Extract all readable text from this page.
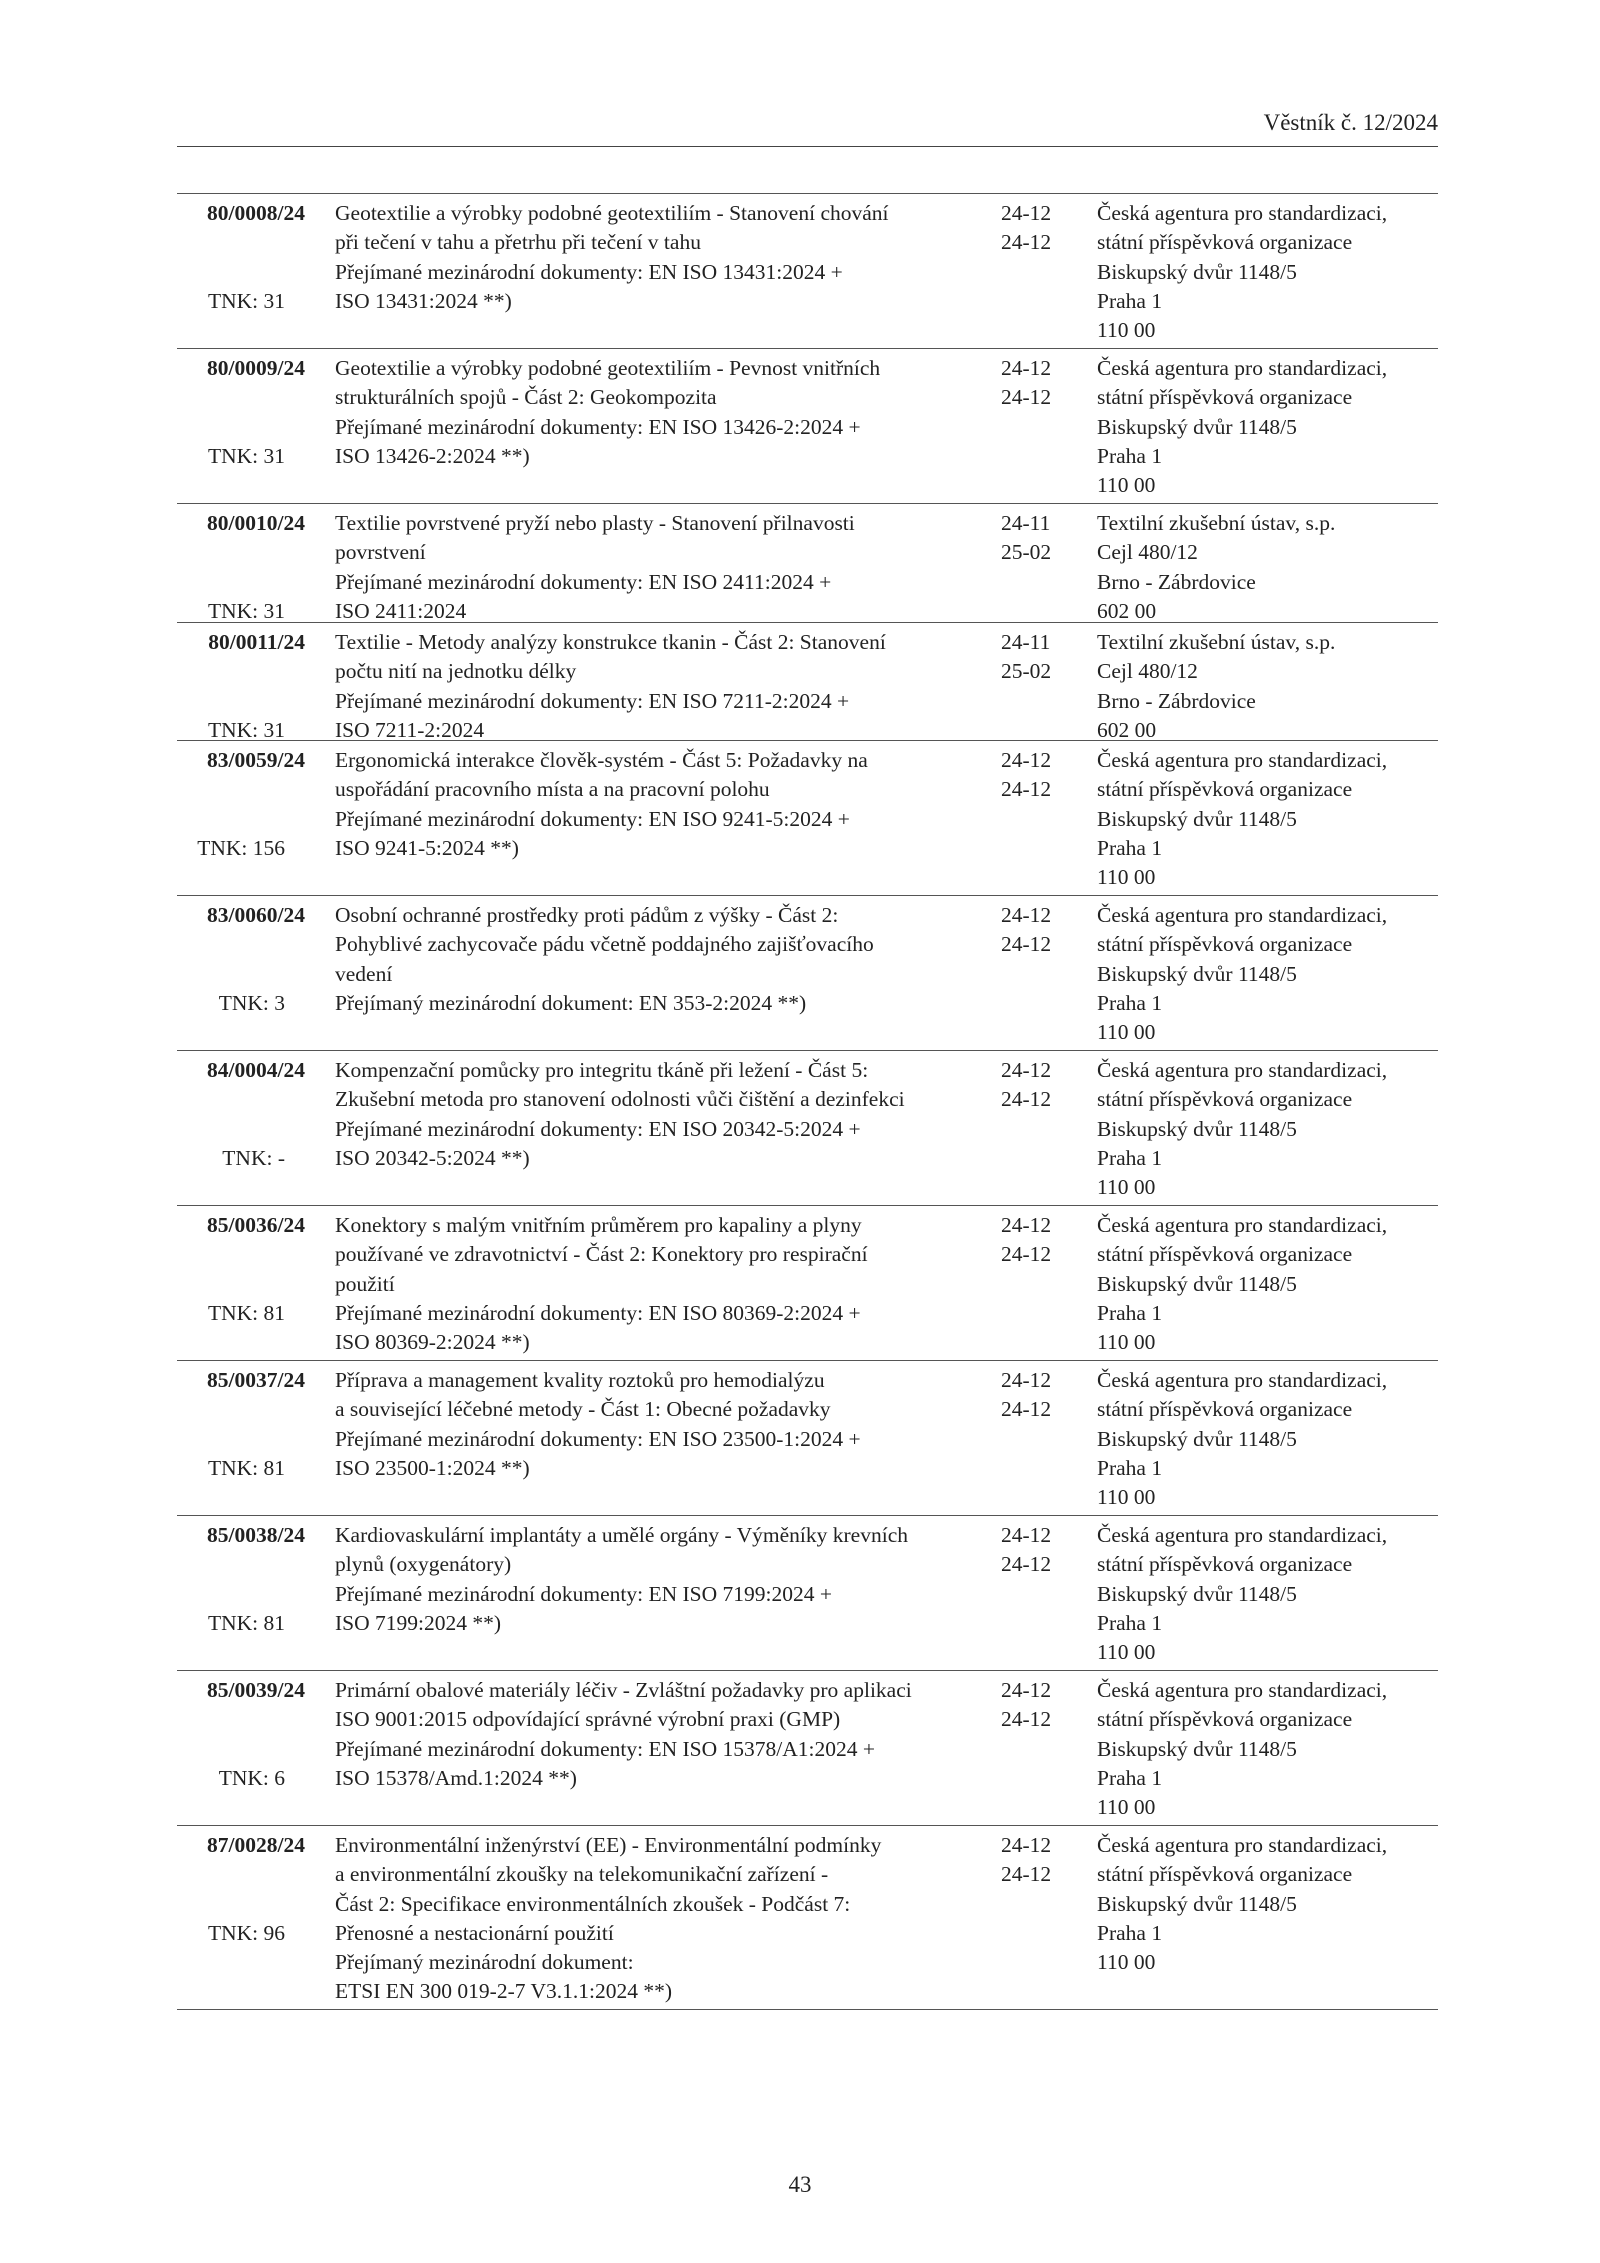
Věstník č. 12/2024
80/0008/24
TNK: 31
Geotextilie a výrobky podobné geotextiliím - Stanovení chování
při tečení v tahu a přetrhu při tečení v tahu
Přejímané mezinárodní dokumenty: EN ISO 13431:2024 +
ISO 13431:2024 **)
24-12
24-12
Česká agentura pro standardizaci,
státní příspěvková organizace
Biskupský dvůr 1148/5
Praha 1
110 00
80/0009/24
TNK: 31
Geotextilie a výrobky podobné geotextiliím - Pevnost vnitřních
strukturálních spojů - Část 2: Geokompozita
Přejímané mezinárodní dokumenty: EN ISO 13426-2:2024 +
ISO 13426-2:2024 **)
24-12
24-12
Česká agentura pro standardizaci,
státní příspěvková organizace
Biskupský dvůr 1148/5
Praha 1
110 00
80/0010/24
TNK: 31
Textilie povrstvené pryží nebo plasty - Stanovení přilnavosti
povrstvení
Přejímané mezinárodní dokumenty: EN ISO 2411:2024 +
ISO 2411:2024
24-11
25-02
Textilní zkušební ústav, s.p.
Cejl 480/12
Brno - Zábrdovice
602 00
80/0011/24
TNK: 31
Textilie - Metody analýzy konstrukce tkanin - Část 2: Stanovení
počtu nití na jednotku délky
Přejímané mezinárodní dokumenty: EN ISO 7211-2:2024 +
ISO 7211-2:2024
24-11
25-02
Textilní zkušební ústav, s.p.
Cejl 480/12
Brno - Zábrdovice
602 00
83/0059/24
TNK: 156
Ergonomická interakce člověk-systém - Část 5: Požadavky na
uspořádání pracovního místa a na pracovní polohu
Přejímané mezinárodní dokumenty: EN ISO 9241-5:2024 +
ISO 9241-5:2024 **)
24-12
24-12
Česká agentura pro standardizaci,
státní příspěvková organizace
Biskupský dvůr 1148/5
Praha 1
110 00
83/0060/24
TNK: 3
Osobní ochranné prostředky proti pádům z výšky - Část 2:
Pohyblivé zachycovače pádu včetně poddajného zajišťovacího
vedení
Přejímaný mezinárodní dokument: EN 353-2:2024 **)
24-12
24-12
Česká agentura pro standardizaci,
státní příspěvková organizace
Biskupský dvůr 1148/5
Praha 1
110 00
84/0004/24
TNK: -
Kompenzační pomůcky pro integritu tkáně při ležení - Část 5:
Zkušební metoda pro stanovení odolnosti vůči čištění a dezinfekci
Přejímané mezinárodní dokumenty: EN ISO 20342-5:2024 +
ISO 20342-5:2024 **)
24-12
24-12
Česká agentura pro standardizaci,
státní příspěvková organizace
Biskupský dvůr 1148/5
Praha 1
110 00
85/0036/24
TNK: 81
Konektory s malým vnitřním průměrem pro kapaliny a plyny
používané ve zdravotnictví - Část 2: Konektory pro respirační
použití
Přejímané mezinárodní dokumenty: EN ISO 80369-2:2024 +
ISO 80369-2:2024 **)
24-12
24-12
Česká agentura pro standardizaci,
státní příspěvková organizace
Biskupský dvůr 1148/5
Praha 1
110 00
85/0037/24
TNK: 81
Příprava a management kvality roztoků pro hemodialýzu
a související léčebné metody - Část 1: Obecné požadavky
Přejímané mezinárodní dokumenty: EN ISO 23500-1:2024 +
ISO 23500-1:2024 **)
24-12
24-12
Česká agentura pro standardizaci,
státní příspěvková organizace
Biskupský dvůr 1148/5
Praha 1
110 00
85/0038/24
TNK: 81
Kardiovaskulární implantáty a umělé orgány - Výměníky krevních
plynů (oxygenátory)
Přejímané mezinárodní dokumenty: EN ISO 7199:2024 +
ISO 7199:2024 **)
24-12
24-12
Česká agentura pro standardizaci,
státní příspěvková organizace
Biskupský dvůr 1148/5
Praha 1
110 00
85/0039/24
TNK: 6
Primární obalové materiály léčiv - Zvláštní požadavky pro aplikaci
ISO 9001:2015 odpovídající správné výrobní praxi (GMP)
Přejímané mezinárodní dokumenty: EN ISO 15378/A1:2024 +
ISO 15378/Amd.1:2024 **)
24-12
24-12
Česká agentura pro standardizaci,
státní příspěvková organizace
Biskupský dvůr 1148/5
Praha 1
110 00
87/0028/24
TNK: 96
Environmentální inženýrství (EE) - Environmentální podmínky
a environmentální zkoušky na telekomunikační zařízení -
Část 2: Specifikace environmentálních zkoušek - Podčást 7:
Přenosné a nestacionární použití
Přejímaný mezinárodní dokument:
ETSI EN 300 019-2-7 V3.1.1:2024 **)
24-12
24-12
Česká agentura pro standardizaci,
státní příspěvková organizace
Biskupský dvůr 1148/5
Praha 1
110 00
43
